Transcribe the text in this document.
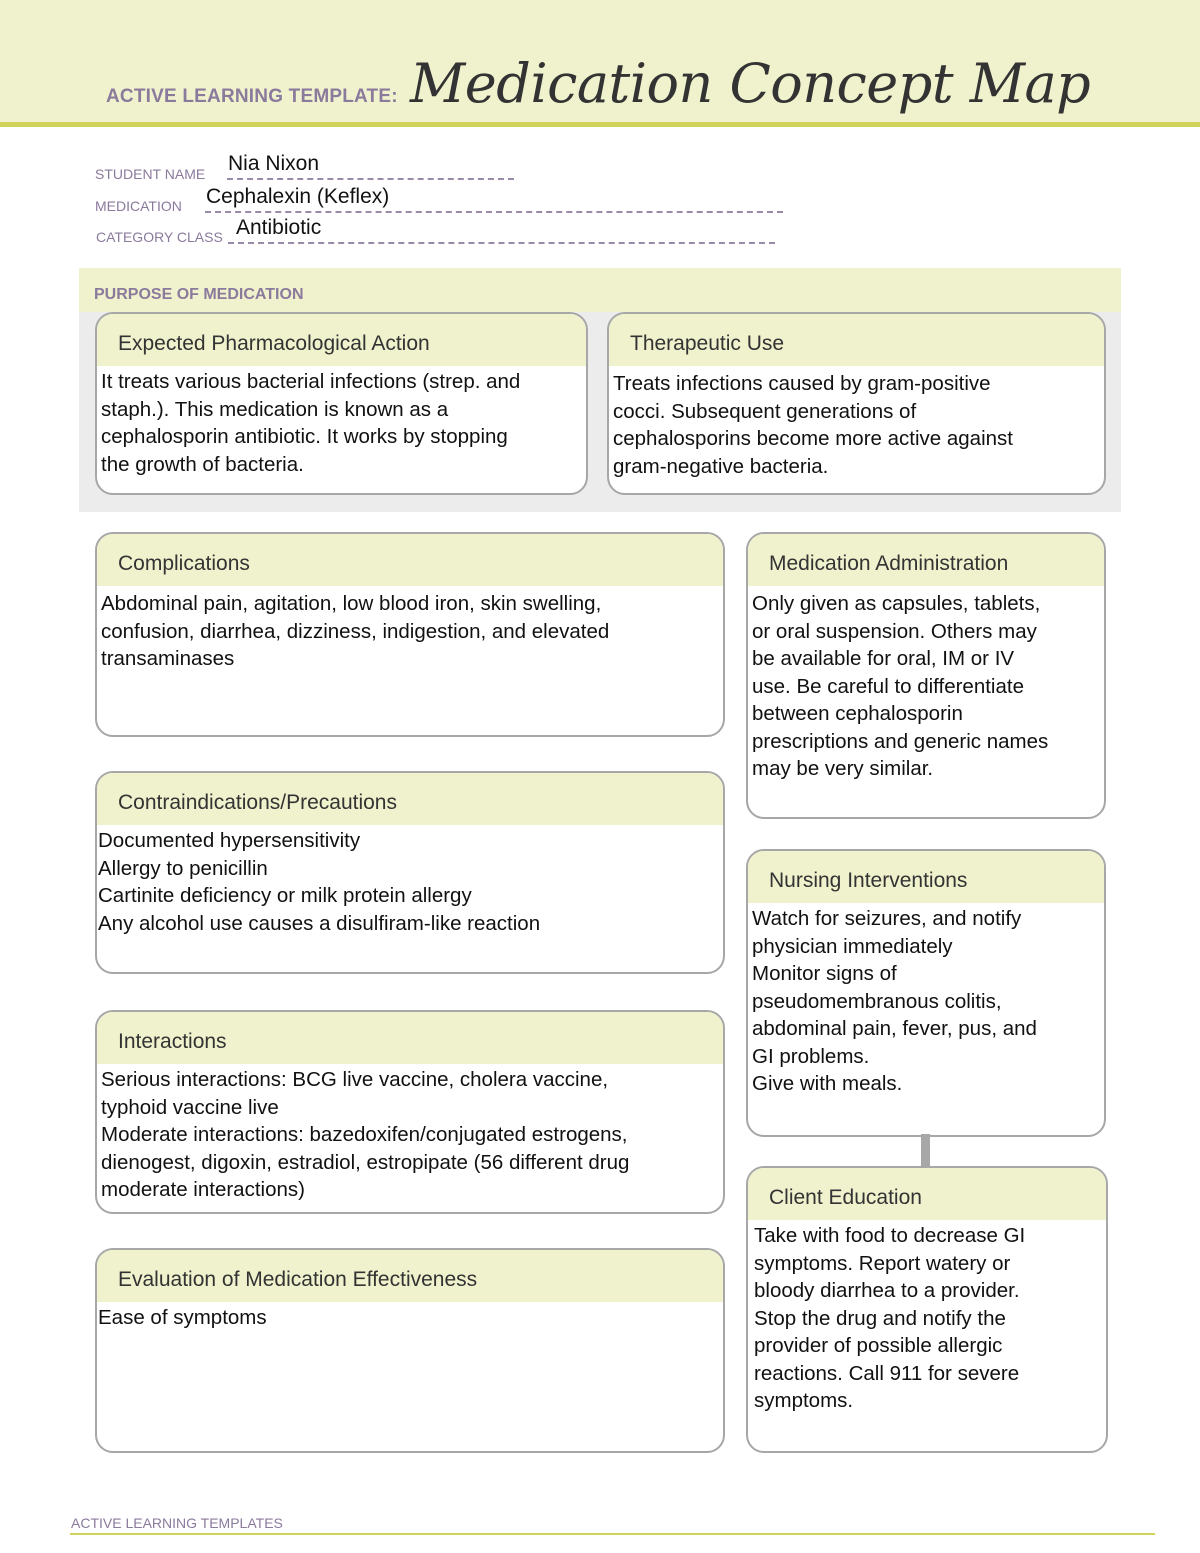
ACTIVE LEARNING TEMPLATE: Medication Concept Map
STUDENT NAME Nia Nixon
MEDICATION Cephalexin (Keflex)
CATEGORY CLASS Antibiotic
PURPOSE OF MEDICATION
Expected Pharmacological Action
It treats various bacterial infections (strep. and
staph.). This medication is known as a
cephalosporin antibiotic. It works by stopping
the growth of bacteria.
Therapeutic Use
Treats infections caused by gram-positive
cocci. Subsequent generations of
cephalosporins become more active against
gram-negative bacteria.
Complications
Abdominal pain, agitation, low blood iron, skin swelling,
confusion, diarrhea, dizziness, indigestion, and elevated
transaminases
Medication Administration
Only given as capsules, tablets,
or oral suspension. Others may
be available for oral, IM or IV
use. Be careful to differentiate
between cephalosporin
prescriptions and generic names
may be very similar.
Contraindications/Precautions
Documented hypersensitivity
Allergy to penicillin
Cartinite deficiency or milk protein allergy
Any alcohol use causes a disulfiram-like reaction
Nursing Interventions
Watch for seizures, and notify
physician immediately
Monitor signs of
pseudomembranous colitis,
abdominal pain, fever, pus, and
GI problems.
Give with meals.
Interactions
Serious interactions: BCG live vaccine, cholera vaccine,
typhoid vaccine live
Moderate interactions: bazedoxifen/conjugated estrogens,
dienogest, digoxin, estradiol, estropipate (56 different drug
moderate interactions)	Client Education
Take with food to decrease GI
symptoms. Report watery or
bloody diarrhea to a provider.
Stop the drug and notify the
provider of possible allergic
reactions. Call 911 for severe
symptoms.
Evaluation of Medication Effectiveness
Ease of symptoms
ACTIVE LEARNING TEMPLATES
